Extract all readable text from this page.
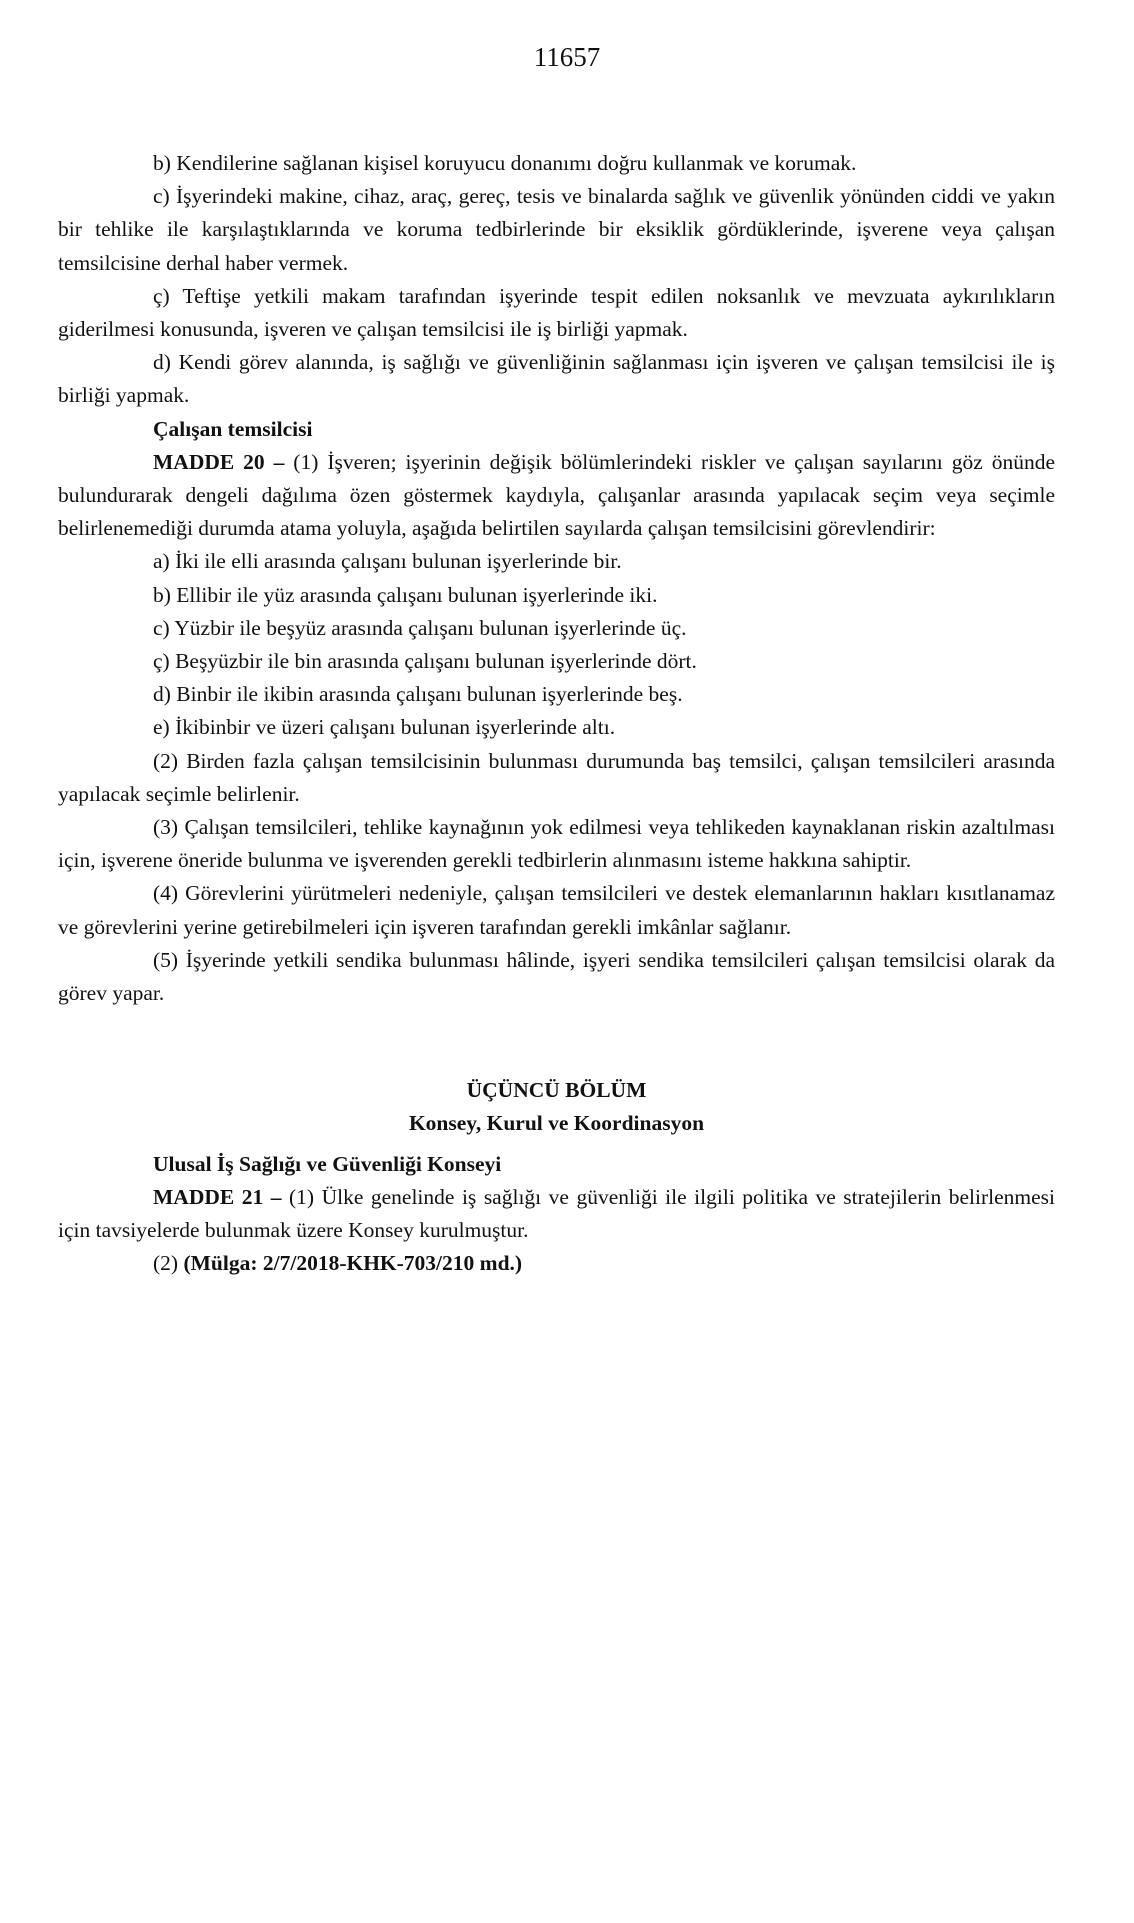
11657

b) Kendilerine sağlanan kişisel koruyucu donanımı doğru kullanmak ve korumak.

c) İşyerindeki makine, cihaz, araç, gereç, tesis ve binalarda sağlık ve güvenlik yönünden ciddi ve yakın bir tehlike ile karşılaştıklarında ve koruma tedbirlerinde bir eksiklik gördüklerinde, işverene veya çalışan temsilcisine derhal haber vermek.

ç) Teftişe yetkili makam tarafından işyerinde tespit edilen noksanlık ve mevzuata aykırılıkların giderilmesi konusunda, işveren ve çalışan temsilcisi ile iş birliği yapmak.

d) Kendi görev alanında, iş sağlığı ve güvenliğinin sağlanması için işveren ve çalışan temsilcisi ile iş birliği yapmak.

Çalışan temsilcisi

MADDE 20 – (1) İşveren; işyerinin değişik bölümlerindeki riskler ve çalışan sayılarını göz önünde bulundurarak dengeli dağılıma özen göstermek kaydıyla, çalışanlar arasında yapılacak seçim veya seçimle belirlenemediği durumda atama yoluyla, aşağıda belirtilen sayılarda çalışan temsilcisini görevlendirir:

a) İki ile elli arasında çalışanı bulunan işyerlerinde bir.

b) Ellibir ile yüz arasında çalışanı bulunan işyerlerinde iki.

c) Yüzbir ile beşyüz arasında çalışanı bulunan işyerlerinde üç.

ç) Beşyüzbir ile bin arasında çalışanı bulunan işyerlerinde dört.

d) Binbir ile ikibin arasında çalışanı bulunan işyerlerinde beş.

e) İkibinbir ve üzeri çalışanı bulunan işyerlerinde altı.

(2) Birden fazla çalışan temsilcisinin bulunması durumunda baş temsilci, çalışan temsilcileri arasında yapılacak seçimle belirlenir.

(3) Çalışan temsilcileri, tehlike kaynağının yok edilmesi veya tehlikeden kaynaklanan riskin azaltılması için, işverene öneride bulunma ve işverenden gerekli tedbirlerin alınmasını isteme hakkına sahiptir.

(4) Görevlerini yürütmeleri nedeniyle, çalışan temsilcileri ve destek elemanlarının hakları kısıtlanamaz ve görevlerini yerine getirebilmeleri için işveren tarafından gerekli imkânlar sağlanır.

(5) İşyerinde yetkili sendika bulunması hâlinde, işyeri sendika temsilcileri çalışan temsilcisi olarak da görev yapar.

ÜÇÜNCÜ BÖLÜM

Konsey, Kurul ve Koordinasyon

Ulusal İş Sağlığı ve Güvenliği Konseyi

MADDE 21 – (1) Ülke genelinde iş sağlığı ve güvenliği ile ilgili politika ve stratejilerin belirlenmesi için tavsiyelerde bulunmak üzere Konsey kurulmuştur.

(2) (Mülga: 2/7/2018-KHK-703/210 md.)
